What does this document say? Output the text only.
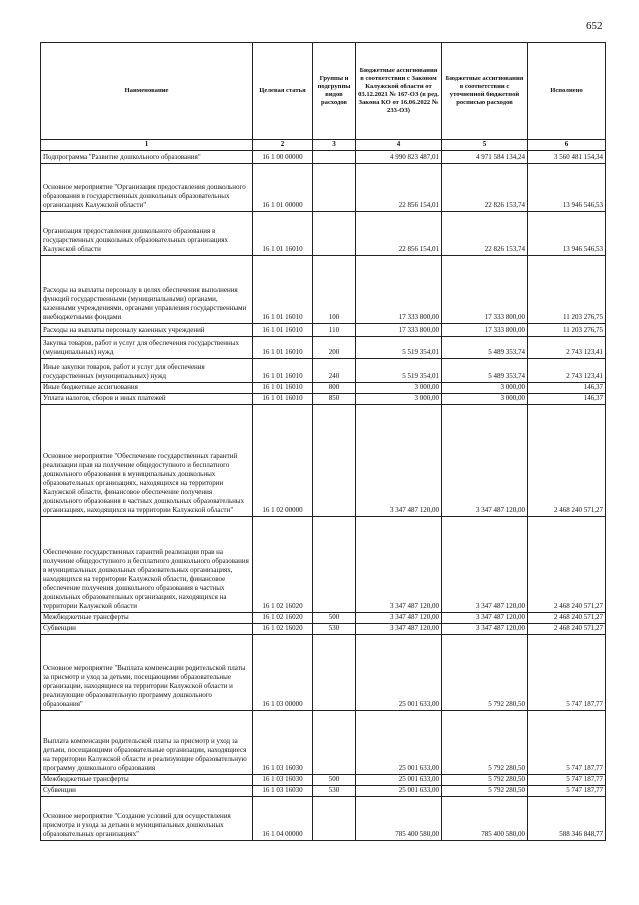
652
Наименование	Целевая статья	Группы и подгруппы видов расходов	Бюджетные ассигнования в соответствии с Законом Калужской области от 03.12.2021 № 167-ОЗ (в ред. Закона КО от 16.06.2022 № 233-ОЗ)	Бюджетные ассигнования в соответствии с уточненной бюджетной росписью расходов	Исполнено
1	2	3	4	5	6
Подпрограмма "Развитие дошкольного образования"	16 1 00 00000		4 990 823 487,01	4 971 584 134,24	3 560 481 154,34
Основное мероприятие "Организация предоставления дошкольного образования в государственных дошкольных образовательных организациях Калужской области"	16 1 01 00000		22 856 154,01	22 826 153,74	13 946 546,53
Организация предоставления дошкольного образования в государственных дошкольных образовательных организациях Калужской области	16 1 01 16010		22 856 154,01	22 826 153,74	13 946 546,53
Расходы на выплаты персоналу в целях обеспечения выполнения функций государственными (муниципальными) органами, казенными учреждениями, органами управления государственными внебюджетными фондами	16 1 01 16010	100	17 333 800,00	17 333 800,00	11 203 276,75
Расходы на выплаты персоналу казенных учреждений	16 1 01 16010	110	17 333 800,00	17 333 800,00	11 203 276,75
Закупка товаров, работ и услуг для обеспечения государственных (муниципальных) нужд	16 1 01 16010	200	5 519 354,01	5 489 353,74	2 743 123,41
Иные закупки товаров, работ и услуг для обеспечения государственных (муниципальных) нужд	16 1 01 16010	240	5 519 354,01	5 489 353,74	2 743 123,41
Иные бюджетные ассигнования	16 1 01 16010	800	3 000,00	3 000,00	146,37
Уплата налогов, сборов и иных платежей	16 1 01 16010	850	3 000,00	3 000,00	146,37
Основное мероприятие "Обеспечение государственных гарантий реализации прав на получение общедоступного и бесплатного дошкольного образования в муниципальных дошкольных образовательных организациях, находящихся на территории Калужской области, финансовое обеспечение получения дошкольного образования в частных дошкольных образовательных организациях, находящихся на территории Калужской области"	16 1 02 00000		3 347 487 120,00	3 347 487 120,00	2 468 240 571,27
Обеспечение государственных гарантий реализации прав на получение общедоступного и бесплатного дошкольного образования в муниципальных дошкольных образовательных организациях, находящихся на территории Калужской области, финансовое обеспечение получения дошкольного образования в частных дошкольных образовательных организациях, находящихся на территории Калужской области	16 1 02 16020		3 347 487 120,00	3 347 487 120,00	2 468 240 571,27
Межбюджетные трансферты	16 1 02 16020	500	3 347 487 120,00	3 347 487 120,00	2 468 240 571,27
Субвенции	16 1 02 16020	530	3 347 487 120,00	3 347 487 120,00	2 468 240 571,27
Основное мероприятие "Выплата компенсации родительской платы за присмотр и уход за детьми, посещающими образовательные организации, находящиеся на территории Калужской области и реализующие образовательную программу дошкольного образования"	16 1 03 00000		25 001 633,00	5 792 280,50	5 747 187,77
Выплата компенсации родительской платы за присмотр и уход за детьми, посещающими образовательные организации, находящиеся на территории Калужской области и реализующие образовательную программу дошкольного образования	16 1 03 16030		25 001 633,00	5 792 280,50	5 747 187,77
Межбюджетные трансферты	16 1 03 16030	500	25 001 633,00	5 792 280,50	5 747 187,77
Субвенции	16 1 03 16030	530	25 001 633,00	5 792 280,50	5 747 187,77
Основное мероприятие "Создание условий для осуществления присмотра и ухода за детьми в муниципальных дошкольных образовательных организациях"	16 1 04 00000		785 400 580,00	785 400 580,00	588 346 848,77
